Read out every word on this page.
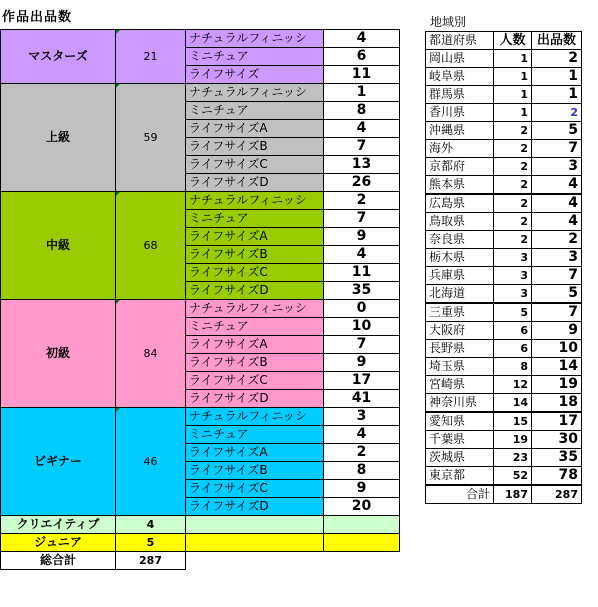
作品出品数
マスターズ	21	ナチュラルフィニッシ	4
		ミニチュア	6
		ライフサイズ	11
上級	59	ナチュラルフィニッシ	1
		ミニチュア	8
		ライフサイズA	4
		ライフサイズB	7
		ライフサイズC	13
		ライフサイズD	26
中級	68	ナチュラルフィニッシ	2
		ミニチュア	7
		ライフサイズA	9
		ライフサイズB	4
		ライフサイズC	11
		ライフサイズD	35
初級	84	ナチュラルフィニッシ	0
		ミニチュア	10
		ライフサイズA	7
		ライフサイズB	9
		ライフサイズC	17
		ライフサイズD	41
ビギナー	46	ナチュラルフィニッシ	3
		ミニチュア	4
		ライフサイズA	2
		ライフサイズB	8
		ライフサイズC	9
		ライフサイズD	20
クリエイティブ	4		
ジュニア	5		
総合計	287		
地域別
都道府県	人数	出品数
岡山県	1	2
岐阜県	1	1
群馬県	1	1
香川県	1	2
沖縄県	2	5
海外	2	7
京都府	2	3
熊本県	2	4
広島県	2	4
鳥取県	2	4
奈良県	2	2
栃木県	3	3
兵庫県	3	7
北海道	3	5
三重県	5	7
大阪府	6	9
長野県	6	10
埼玉県	8	14
宮崎県	12	19
神奈川県	14	18
愛知県	15	17
千葉県	19	30
茨城県	23	35
東京都	52	78
合計	187	287
